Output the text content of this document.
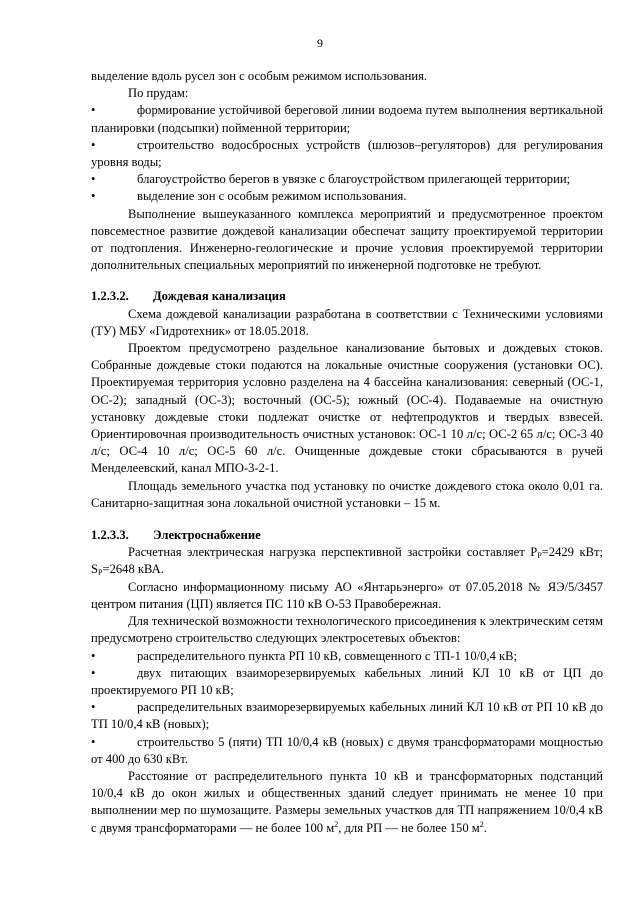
9

выделение вдоль русел зон с особым режимом использования.

По прудам:

•	формирование устойчивой береговой линии водоема путем выполнения вертикальной планировки (подсыпки) пойменной территории;

•	строительство водосбросных устройств (шлюзов–регуляторов) для регулирования уровня воды;

•	благоустройство берегов в увязке с благоустройством прилегающей территории;

•	выделение зон с особым режимом использования.

Выполнение вышеуказанного комплекса мероприятий и предусмотренное проектом повсеместное развитие дождевой канализации обеспечат защиту проектируемой территории от подтопления. Инженерно-геологические и прочие условия проектируемой территории дополнительных специальных мероприятий по инженерной подготовке не требуют.

1.2.3.2. Дождевая канализация

Схема дождевой канализации разработана в соответствии с Техническими условиями (ТУ) МБУ «Гидротехник» от 18.05.2018.

Проектом предусмотрено раздельное канализование бытовых и дождевых стоков. Собранные дождевые стоки подаются на локальные очистные сооружения (установки ОС). Проектируемая территория условно разделена на 4 бассейна канализования: северный (ОС-1, ОС-2); западный (ОС-3); восточный (ОС-5); южный (ОС-4). Подаваемые на очистную установку дождевые стоки подлежат очистке от нефтепродуктов и твердых взвесей. Ориентировочная производительность очистных установок: ОС-1 10 л/с; ОС-2 65 л/с; ОС-3 40 л/с; ОС-4 10 л/с; ОС-5 60 л/с. Очищенные дождевые стоки сбрасываются в ручей Менделеевский, канал МПО-3-2-1.

Площадь земельного участка под установку по очистке дождевого стока около 0,01 га. Санитарно-защитная зона локальной очистной установки – 15 м.

1.2.3.3. Электроснабжение

Расчетная электрическая нагрузка перспективной застройки составляет $Р_Р=2429$ кВт; $S_Р=2648$ кВА.

Согласно информационному письму АО «Янтарьэнерго» от 07.05.2018 № ЯЭ/5/3457 центром питания (ЦП) является ПС 110 кВ О-53 Правобережная.

Для технической возможности технологического присоединения к электрическим сетям предусмотрено строительство следующих электросетевых объектов:

•	распределительного пункта РП 10 кВ, совмещенного с ТП-1 10/0,4 кВ;

•	двух питающих взаиморезервируемых кабельных линий КЛ 10 кВ от ЦП до проектируемого РП 10 кВ;

•	распределительных взаиморезервируемых кабельных линий КЛ 10 кВ от РП 10 кВ до ТП 10/0,4 кВ (новых);

•	строительство 5 (пяти) ТП 10/0,4 кВ (новых) с двумя трансформаторами мощностью от 400 до 630 кВт.

Расстояние от распределительного пункта 10 кВ и трансформаторных подстанций 10/0,4 кВ до окон жилых и общественных зданий следует принимать не менее 10 при выполнении мер по шумозащите. Размеры земельных участков для ТП напряжением 10/0,4 кВ с двумя трансформаторами — не более 100 $м^2$, для РП — не более 150 $м^2$.
